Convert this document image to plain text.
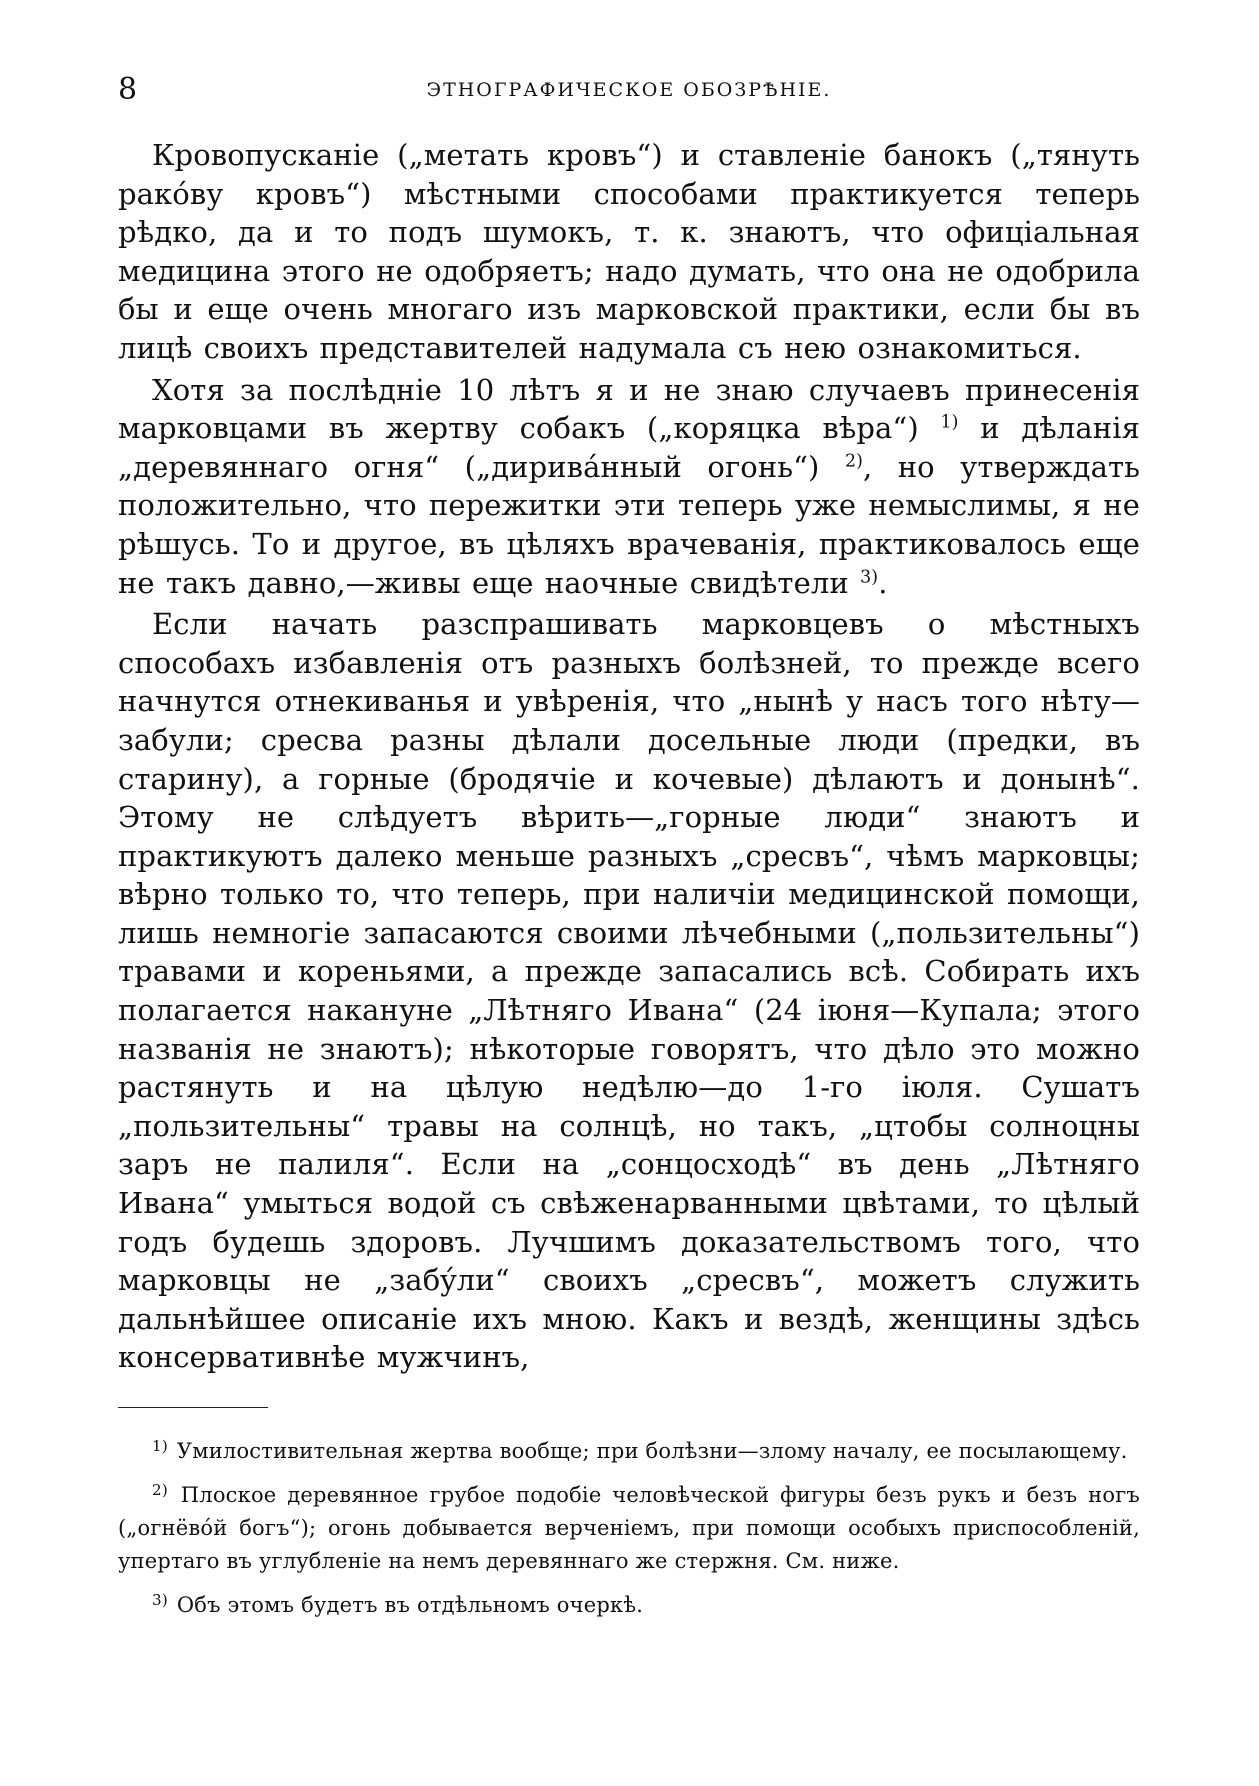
8	ЭТНОГРАФИЧЕСКОЕ ОБОЗРѢНІЕ.

Кровопусканіе („метать кровъ“) и ставленіе банокъ („тянуть ракóву кровъ“) мѣстными способами практикуется теперь рѣдко, да и то подъ шумокъ, т. к. знаютъ, что офиціальная медицина этого не одобряетъ; надо думать, что она не одобрила бы и еще очень многаго изъ марковской практики, если бы въ лицѣ своихъ представителей надумала съ нею ознакомиться.

Хотя за послѣдніе 10 лѣтъ я и не знаю случаевъ принесенія марковцами въ жертву собакъ („коряцка вѣра“) $^{1)}$ и дѣланія „деревяннаго огня“ („диривáнный огонь“) $^{2)}$, но утверждать положительно, что пережитки эти теперь уже немыслимы, я не рѣшусь. То и другое, въ цѣляхъ врачеванія, практиковалось еще не такъ давно,—живы еще наочные свидѣтели $^{3)}$.

Если начать разспрашивать марковцевъ о мѣстныхъ способахъ избавленія отъ разныхъ болѣзней, то прежде всего начнутся отнекиванья и увѣренія, что „нынѣ у насъ того нѣту—забули; сресва разны дѣлали досельные люди (предки, въ старину), а горные (бродячіе и кочевые) дѣлаютъ и донынѣ“. Этому не слѣдуетъ вѣрить—„горные люди“ знаютъ и практикуютъ далеко меньше разныхъ „сресвъ“, чѣмъ марковцы; вѣрно только то, что теперь, при наличіи медицинской помощи, лишь немногіе запасаются своими лѣчебными („пользительны“) травами и кореньями, а прежде запасались всѣ. Собирать ихъ полагается накануне „Лѣтняго Ивана“ (24 іюня—Купала; этого названія не знаютъ); нѣкоторые говорятъ, что дѣло это можно растянуть и на цѣлую недѣлю—до 1-го іюля. Сушатъ „пользительны“ травы на солнцѣ, но такъ, „цтобы солноцны заръ не палиля“. Если на „сонцосходѣ“ въ день „Лѣтняго Ивана“ умыться водой съ свѣженарванными цвѣтами, то цѣлый годъ будешь здоровъ. Лучшимъ доказательствомъ того, что марковцы не „забýли“ своихъ „сресвъ“, можетъ служить дальнѣйшее описаніе ихъ мною. Какъ и вездѣ, женщины здѣсь консервативнѣе мужчинъ,

$^{1)}$ Умилостивительная жертва вообще; при болѣзни—злому началу, ее посылающему.

$^{2)}$ Плоское деревянное грубое подобіе человѣческой фигуры безъ рукъ и безъ ногъ („огнёвóй богъ“); огонь добывается верченіемъ, при помощи особыхъ приспособленій, упертаго въ углубленіе на немъ деревяннаго же стержня. См. ниже.

$^{3)}$ Объ этомъ будетъ въ отдѣльномъ очеркѣ.
